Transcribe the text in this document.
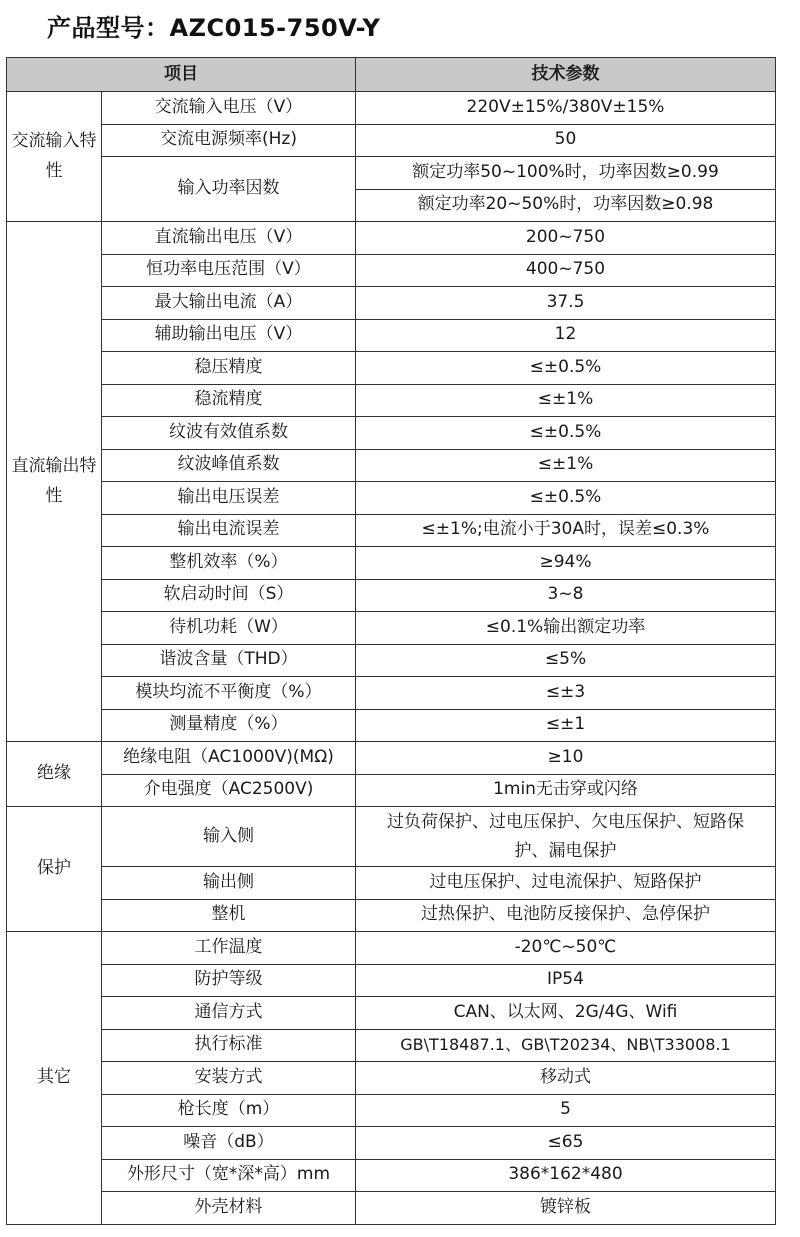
产品型号：AZC015-750V-Y
项目		技术参数
交流输入特性	交流输入电压（V）	220V±15%/380V±15%
	交流电源频率(Hz)	50
	输入功率因数	额定功率50~100%时，功率因数≥0.99
		额定功率20~50%时，功率因数≥0.98
直流输出特性	直流输出电压（V）	200~750
	恒功率电压范围（V）	400~750
	最大输出电流（A）	37.5
	辅助输出电压（V）	12
	稳压精度	≤±0.5%
	稳流精度	≤±1%
	纹波有效值系数	≤±0.5%
	纹波峰值系数	≤±1%
	输出电压误差	≤±0.5%
	输出电流误差	≤±1%;电流小于30A时，误差≤0.3%
	整机效率（%）	≥94%
	软启动时间（S）	3~8
	待机功耗（W）	≤0.1%输出额定功率
	谐波含量（THD）	≤5%
	模块均流不平衡度（%）	≤±3
	测量精度（%）	≤±1
绝缘	绝缘电阻（AC1000V)(MΩ)	≥10
	介电强度（AC2500V)	1min无击穿或闪络
保护	输入侧	过负荷保护、过电压保护、欠电压保护、短路保护、漏电保护
	输出侧	过电压保护、过电流保护、短路保护
	整机	过热保护、电池防反接保护、急停保护
其它	工作温度	-20℃~50℃
	防护等级	IP54
	通信方式	CAN、以太网、2G/4G、Wifi
	执行标准	GB\T18487.1、GB\T20234、NB\T33008.1
	安装方式	移动式
	枪长度（m）	5
	噪音（dB）	≤65
	外形尺寸（宽*深*高）mm	386*162*480
	外壳材料	镀锌板
